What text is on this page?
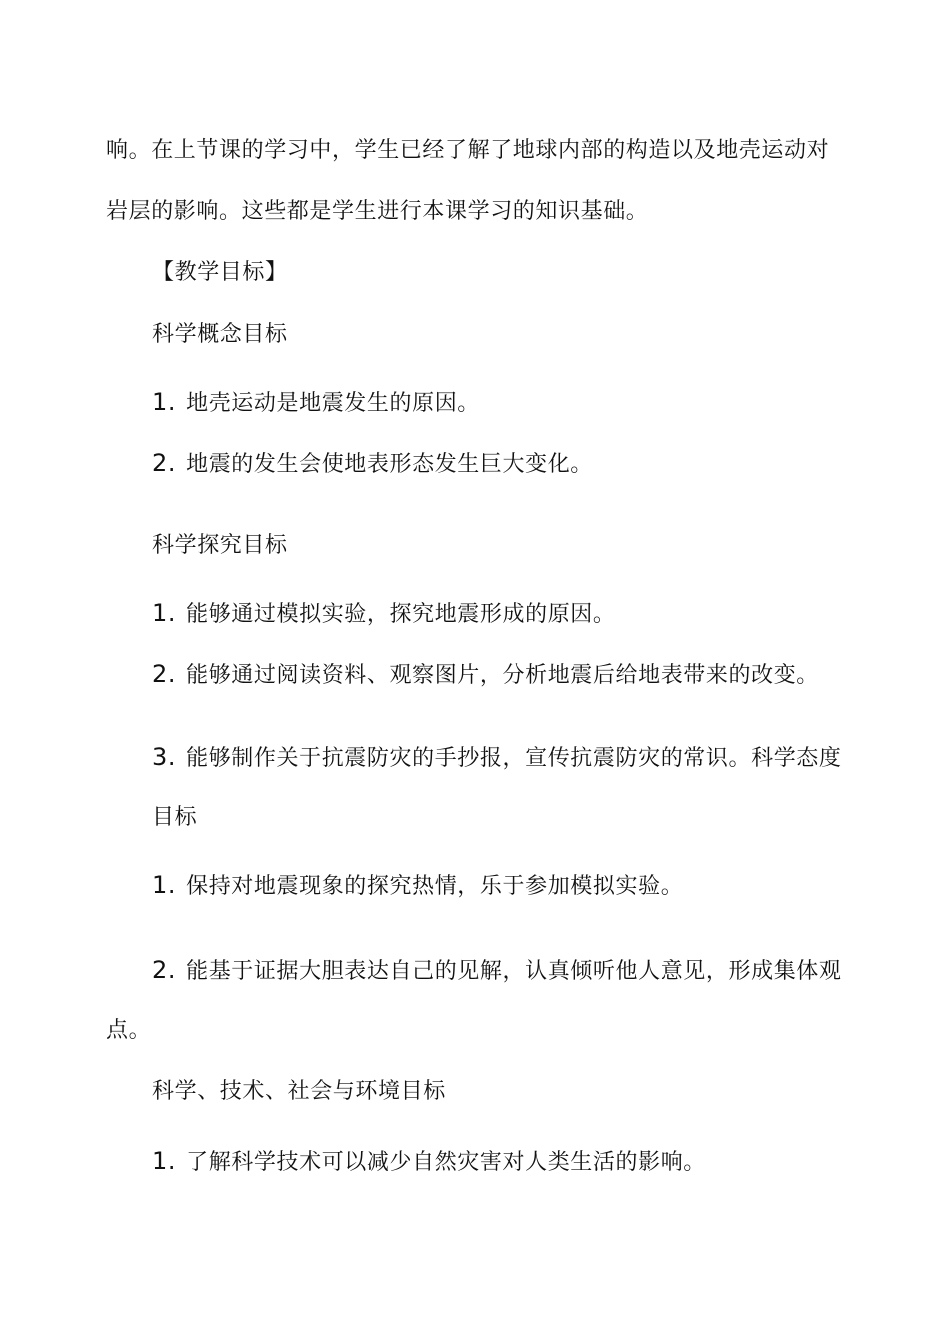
响。在上节课的学习中，学生已经了解了地球内部的构造以及地壳运动对
岩层的影响。这些都是学生进行本课学习的知识基础。
【教学目标】
科学概念目标
1. 地壳运动是地震发生的原因。
2. 地震的发生会使地表形态发生巨大变化。
科学探究目标
1. 能够通过模拟实验，探究地震形成的原因。
2. 能够通过阅读资料、观察图片，分析地震后给地表带来的改变。
3. 能够制作关于抗震防灾的手抄报，宣传抗震防灾的常识。科学态度
目标
1. 保持对地震现象的探究热情，乐于参加模拟实验。
2. 能基于证据大胆表达自己的见解，认真倾听他人意见，形成集体观
点。
科学、技术、社会与环境目标
1. 了解科学技术可以减少自然灾害对人类生活的影响。
